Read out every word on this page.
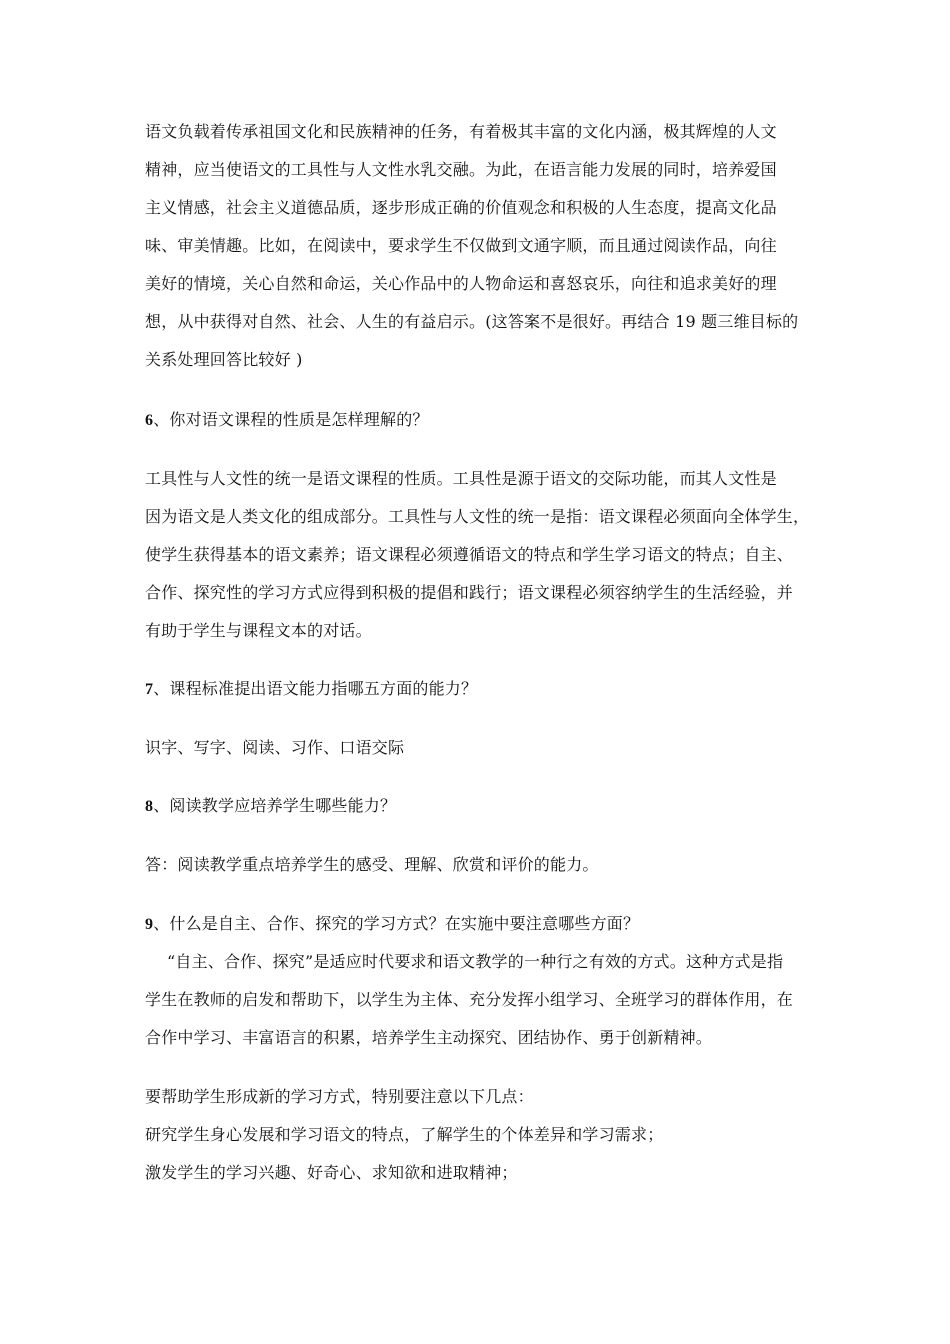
语文负载着传承祖国文化和民族精神的任务，有着极其丰富的文化内涵，极其辉煌的人文
精神，应当使语文的工具性与人文性水乳交融。为此，在语言能力发展的同时，培养爱国
主义情感，社会主义道德品质，逐步形成正确的价值观念和积极的人生态度，提高文化品
味、审美情趣。比如，在阅读中，要求学生不仅做到文通字顺，而且通过阅读作品，向往
美好的情境，关心自然和命运，关心作品中的人物命运和喜怒哀乐，向往和追求美好的理
想，从中获得对自然、社会、人生的有益启示。(这答案不是很好。再结合 19 题三维目标的
关系处理回答比较好 )
6、你对语文课程的性质是怎样理解的？
工具性与人文性的统一是语文课程的性质。工具性是源于语文的交际功能，而其人文性是
因为语文是人类文化的组成部分。工具性与人文性的统一是指：语文课程必须面向全体学生，
使学生获得基本的语文素养；语文课程必须遵循语文的特点和学生学习语文的特点；自主、
合作、探究性的学习方式应得到积极的提倡和践行；语文课程必须容纳学生的生活经验，并
有助于学生与课程文本的对话。
7、课程标准提出语文能力指哪五方面的能力？
识字、写字、阅读、习作、口语交际
8、阅读教学应培养学生哪些能力？
答：阅读教学重点培养学生的感受、理解、欣赏和评价的能力。
9、什么是自主、合作、探究的学习方式？在实施中要注意哪些方面？
“自主、合作、探究”是适应时代要求和语文教学的一种行之有效的方式。这种方式是指
学生在教师的启发和帮助下，以学生为主体、充分发挥小组学习、全班学习的群体作用，在
合作中学习、丰富语言的积累，培养学生主动探究、团结协作、勇于创新精神。
要帮助学生形成新的学习方式，特别要注意以下几点：
研究学生身心发展和学习语文的特点，了解学生的个体差异和学习需求；
激发学生的学习兴趣、好奇心、求知欲和进取精神；
